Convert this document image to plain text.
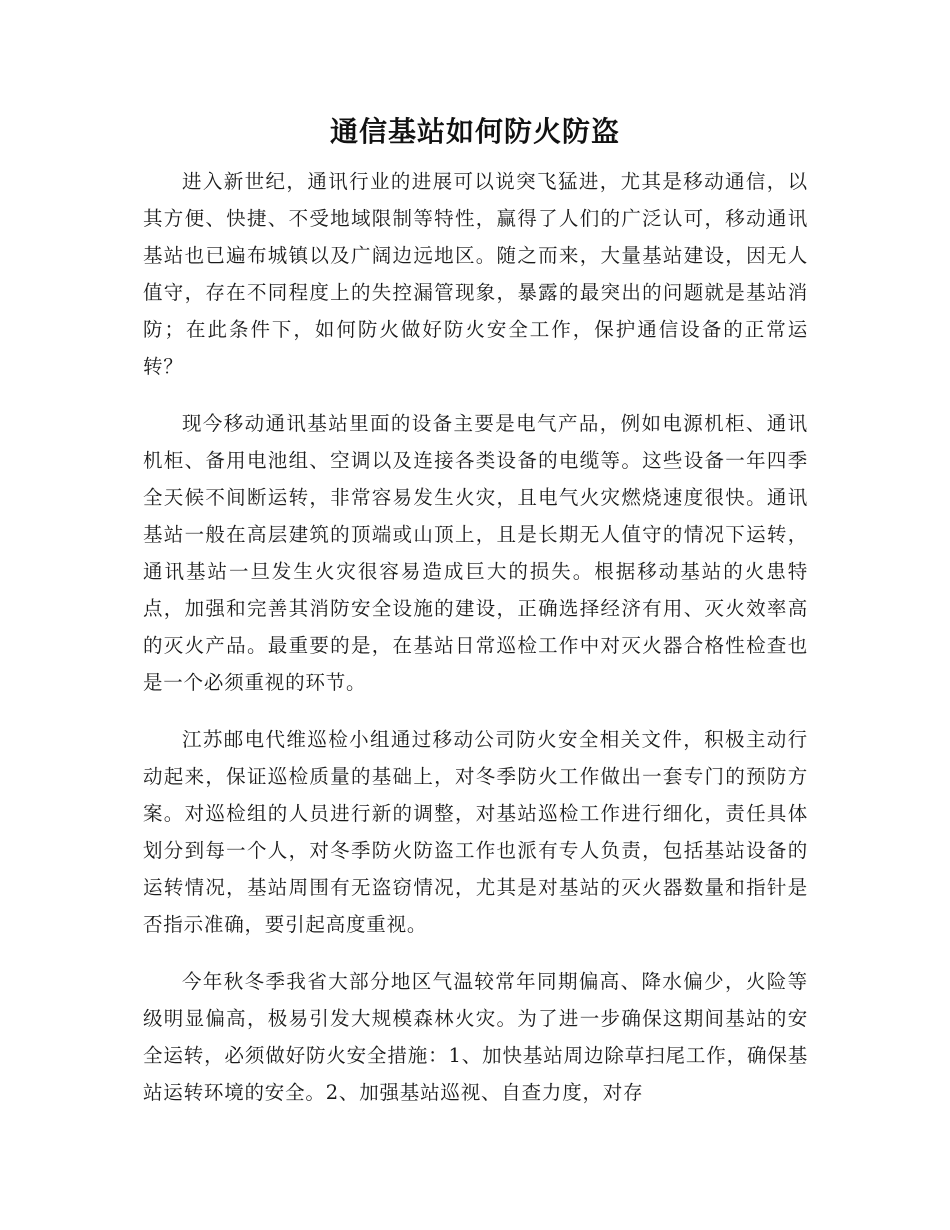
通信基站如何防火防盗

进入新世纪，通讯行业的进展可以说突飞猛进，尤其是移动通信，以其方便、快捷、不受地域限制等特性，赢得了人们的广泛认可，移动通讯基站也已遍布城镇以及广阔边远地区。随之而来，大量基站建设，因无人值守，存在不同程度上的失控漏管现象，暴露的最突出的问题就是基站消防；在此条件下，如何防火做好防火安全工作，保护通信设备的正常运转？

现今移动通讯基站里面的设备主要是电气产品，例如电源机柜、通讯机柜、备用电池组、空调以及连接各类设备的电缆等。这些设备一年四季全天候不间断运转，非常容易发生火灾，且电气火灾燃烧速度很快。通讯基站一般在高层建筑的顶端或山顶上，且是长期无人值守的情况下运转，通讯基站一旦发生火灾很容易造成巨大的损失。根据移动基站的火患特点，加强和完善其消防安全设施的建设，正确选择经济有用、灭火效率高的灭火产品。最重要的是，在基站日常巡检工作中对灭火器合格性检查也是一个必须重视的环节。

江苏邮电代维巡检小组通过移动公司防火安全相关文件，积极主动行动起来，保证巡检质量的基础上，对冬季防火工作做出一套专门的预防方案。对巡检组的人员进行新的调整，对基站巡检工作进行细化，责任具体划分到每一个人，对冬季防火防盗工作也派有专人负责，包括基站设备的运转情况，基站周围有无盗窃情况，尤其是对基站的灭火器数量和指针是否指示准确，要引起高度重视。

今年秋冬季我省大部分地区气温较常年同期偏高、降水偏少，火险等级明显偏高，极易引发大规模森林火灾。为了进一步确保这期间基站的安全运转，必须做好防火安全措施：1、加快基站周边除草扫尾工作，确保基站运转环境的安全。2、加强基站巡视、自查力度，对存
